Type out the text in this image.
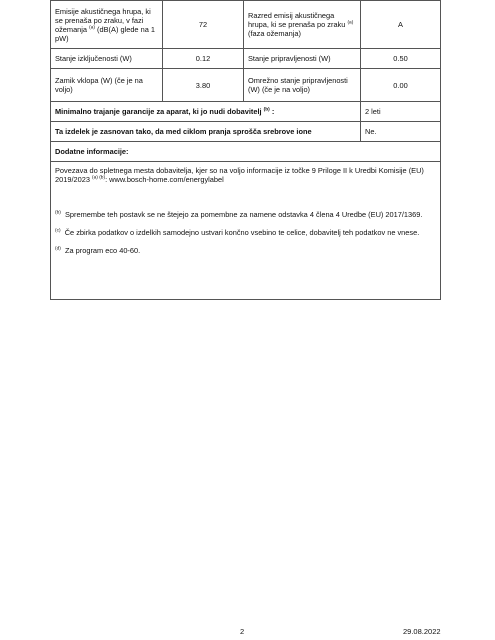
Emisije akustičnega hrupa, ki se prenaša po zraku, v fazi ožemanja $^{(a)}$ (dB(A) glede na 1 pW)	72	Razred emisij akustičnega hrupa, ki se prenaša po zraku $^{(a)}$ (faza ožemanja)	A
Stanje izključenosti (W)	0.12	Stanje pripravljenosti (W)	0.50
Zamik vklopa (W) (če je na voljo)	3.80	Omrežno stanje pripravljenosti (W) (če je na voljo)	0.00
Minimalno trajanje garancije za aparat, ki jo nudi dobavitelj $^{(b)}$ :			2 leti
Ta izdelek je zasnovan tako, da med ciklom pranja sprošča srebrove ione			Ne.
Dodatne informacije:			

Povezava do spletnega mesta dobavitelja, kjer so na voljo informacije iz točke 9 Priloge II k Uredbi Komisije (EU) 2019/2023 $^{(a) (b)}$: www.bosch-home.com/energylabel

$^{(b)}$ Spremembe teh postavk se ne štejejo za pomembne za namene odstavka 4 člena 4 Uredbe (EU) 2017/1369.

$^{(c)}$ Če zbirka podatkov o izdelkih samodejno ustvari končno vsebino te celice, dobavitelj teh podatkov ne vnese.

$^{(d)}$ Za program eco 40-60.			

2	29.08.2022
